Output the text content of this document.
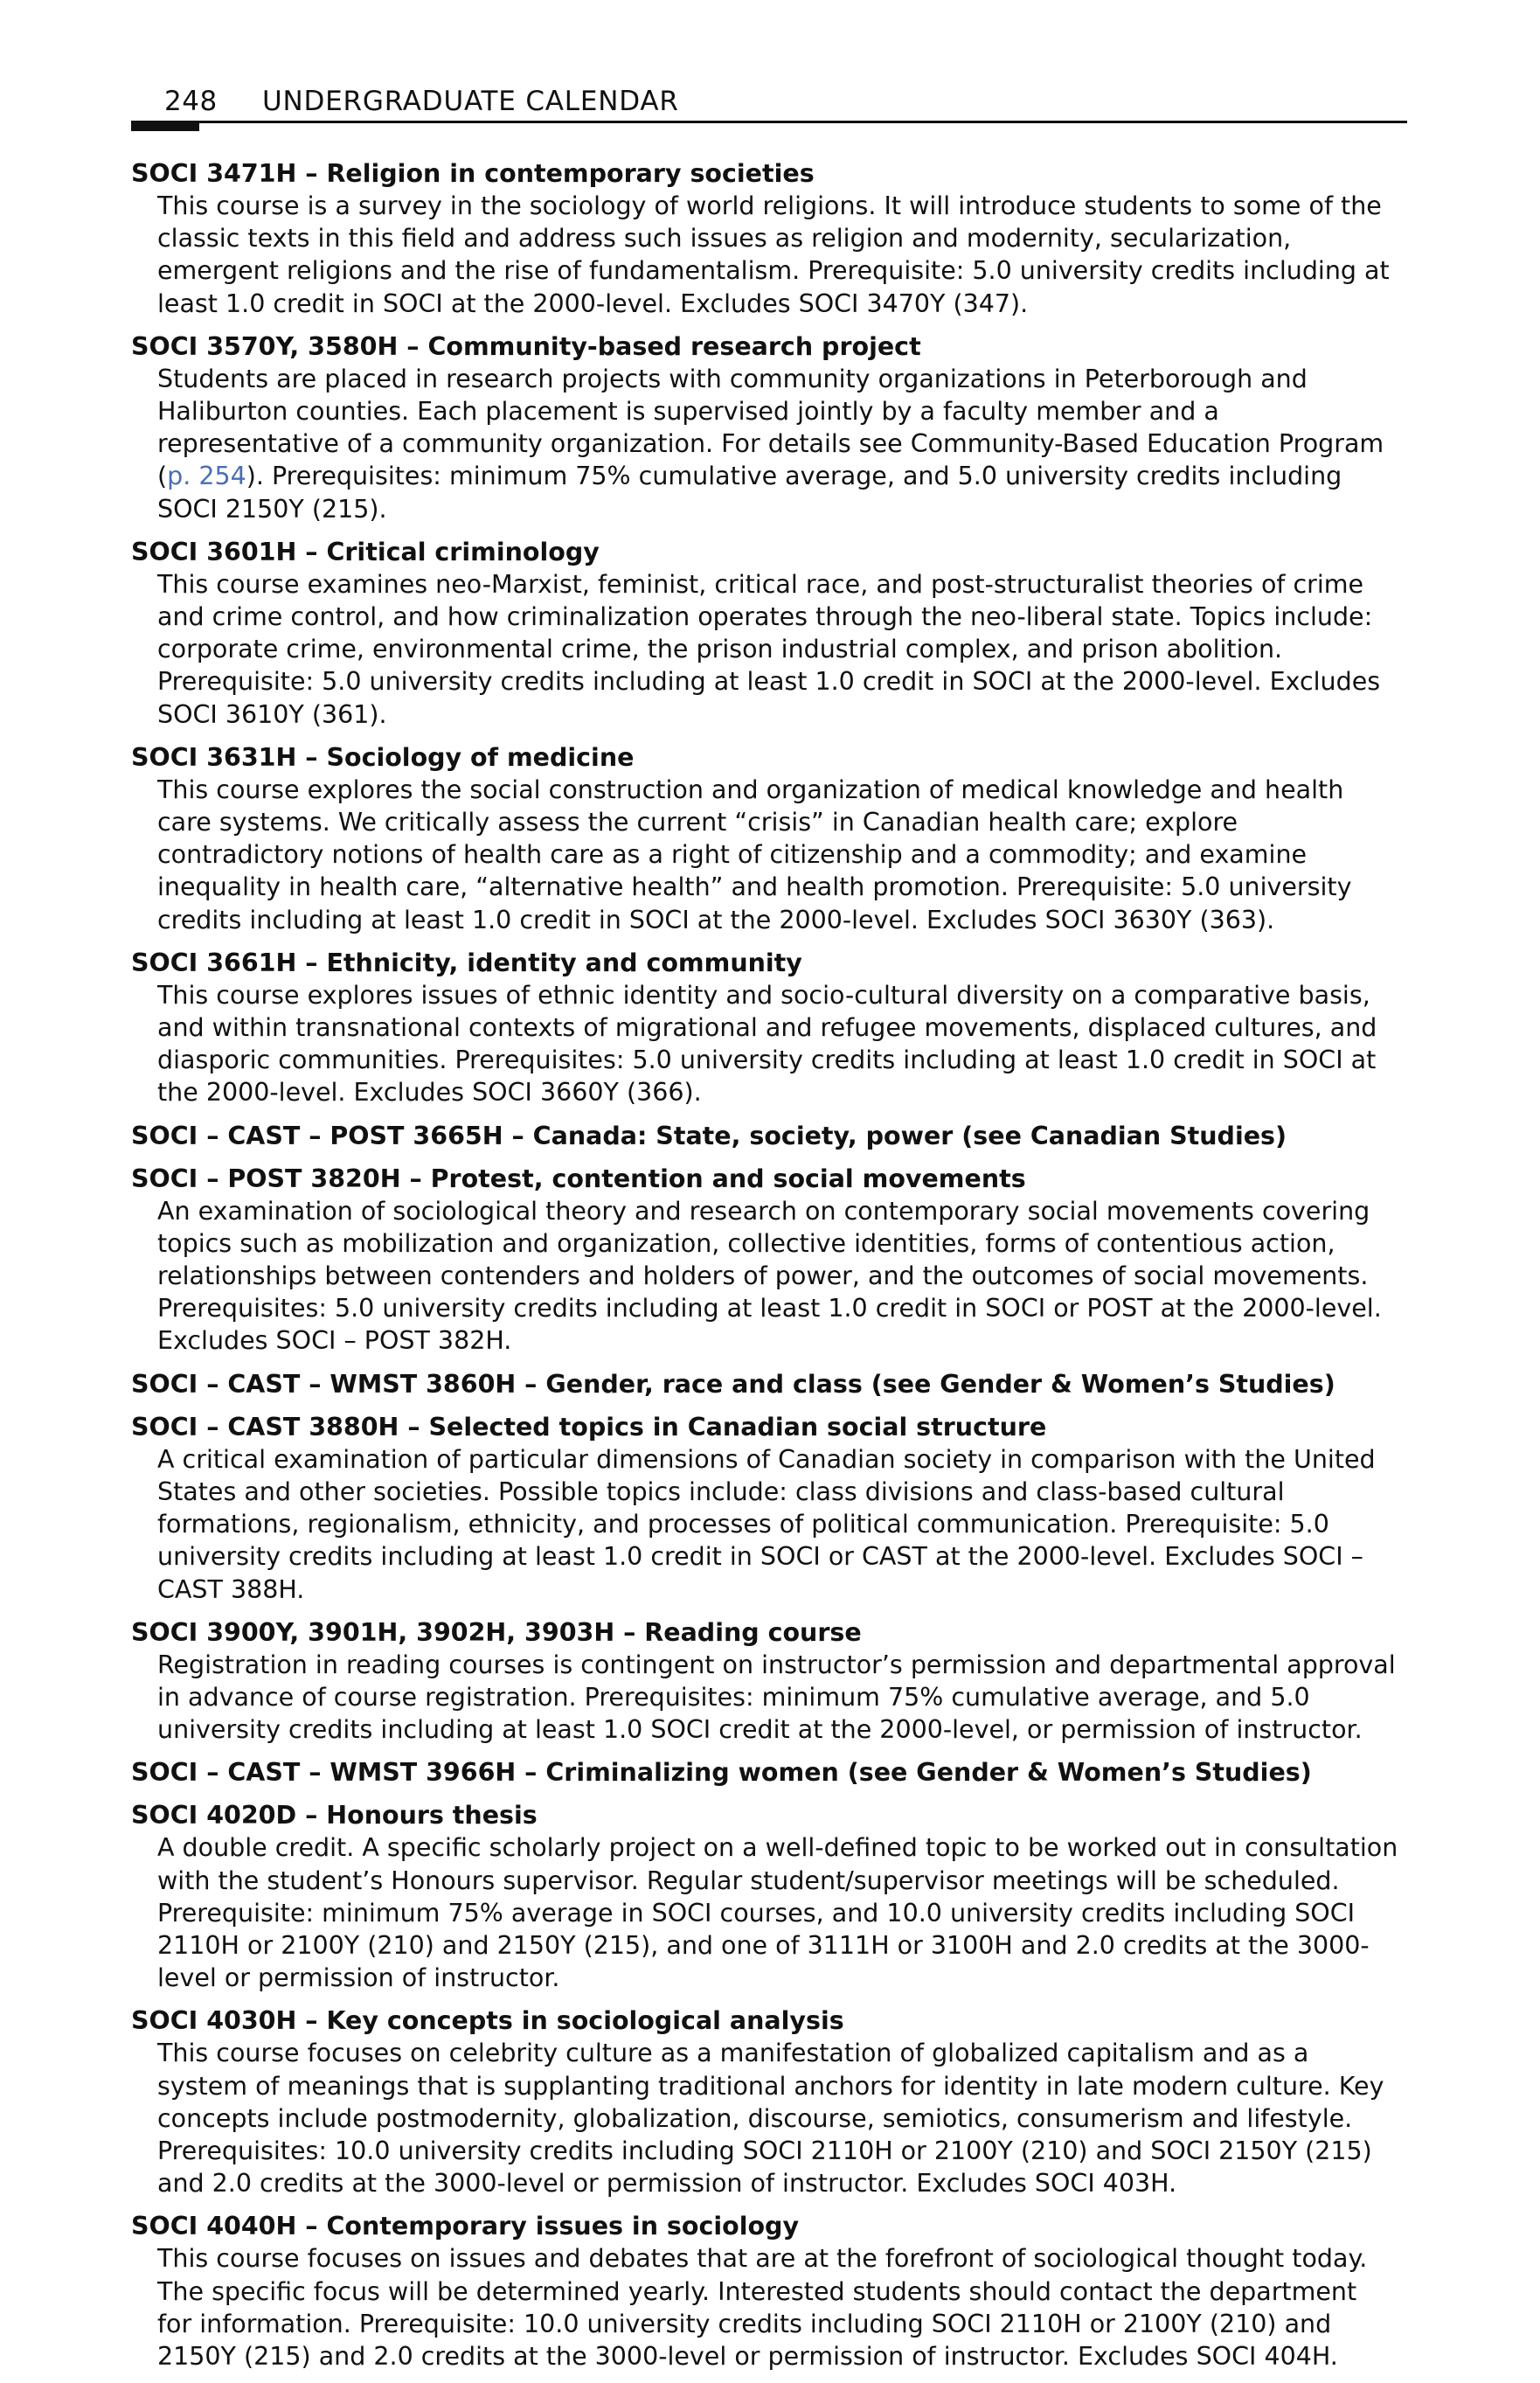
248 UNDERGRADUATE CALENDAR

SOCI 3471H – Religion in contemporary societies

This course is a survey in the sociology of world religions. It will introduce students to some of the classic texts in this field and address such issues as religion and modernity, secularization, emergent religions and the rise of fundamentalism. Prerequisite: 5.0 university credits including at least 1.0 credit in SOCI at the 2000-level. Excludes SOCI 3470Y (347).

SOCI 3570Y, 3580H – Community-based research project

Students are placed in research projects with community organizations in Peterborough and Haliburton counties. Each placement is supervised jointly by a faculty member and a representative of a community organization. For details see Community-Based Education Program (p. 254). Prerequisites: minimum 75% cumulative average, and 5.0 university credits including SOCI 2150Y (215).

SOCI 3601H – Critical criminology

This course examines neo-Marxist, feminist, critical race, and post-structuralist theories of crime and crime control, and how criminalization operates through the neo-liberal state. Topics include: corporate crime, environmental crime, the prison industrial complex, and prison abolition. Prerequisite: 5.0 university credits including at least 1.0 credit in SOCI at the 2000-level. Excludes SOCI 3610Y (361).

SOCI 3631H – Sociology of medicine

This course explores the social construction and organization of medical knowledge and health care systems. We critically assess the current “crisis” in Canadian health care; explore contradictory notions of health care as a right of citizenship and a commodity; and examine inequality in health care, “alternative health” and health promotion. Prerequisite: 5.0 university credits including at least 1.0 credit in SOCI at the 2000-level. Excludes SOCI 3630Y (363).

SOCI 3661H – Ethnicity, identity and community

This course explores issues of ethnic identity and socio-cultural diversity on a comparative basis, and within transnational contexts of migrational and refugee movements, displaced cultures, and diasporic communities. Prerequisites: 5.0 university credits including at least 1.0 credit in SOCI at the 2000-level. Excludes SOCI 3660Y (366).

SOCI – CAST – POST 3665H – Canada: State, society, power (see Canadian Studies)

SOCI – POST 3820H – Protest, contention and social movements

An examination of sociological theory and research on contemporary social movements covering topics such as mobilization and organization, collective identities, forms of contentious action, relationships between contenders and holders of power, and the outcomes of social movements. Prerequisites: 5.0 university credits including at least 1.0 credit in SOCI or POST at the 2000-level. Excludes SOCI – POST 382H.

SOCI – CAST – WMST 3860H – Gender, race and class (see Gender & Women’s Studies)

SOCI – CAST 3880H – Selected topics in Canadian social structure

A critical examination of particular dimensions of Canadian society in comparison with the United States and other societies. Possible topics include: class divisions and class-based cultural formations, regionalism, ethnicity, and processes of political communication. Prerequisite: 5.0 university credits including at least 1.0 credit in SOCI or CAST at the 2000-level. Excludes SOCI – CAST 388H.

SOCI 3900Y, 3901H, 3902H, 3903H – Reading course

Registration in reading courses is contingent on instructor’s permission and departmental approval in advance of course registration. Prerequisites: minimum 75% cumulative average, and 5.0 university credits including at least 1.0 SOCI credit at the 2000-level, or permission of instructor.

SOCI – CAST – WMST 3966H – Criminalizing women (see Gender & Women’s Studies)

SOCI 4020D – Honours thesis

A double credit. A specific scholarly project on a well-defined topic to be worked out in consultation with the student’s Honours supervisor. Regular student/supervisor meetings will be scheduled. Prerequisite: minimum 75% average in SOCI courses, and 10.0 university credits including SOCI 2110H or 2100Y (210) and 2150Y (215), and one of 3111H or 3100H and 2.0 credits at the 3000-level or permission of instructor.

SOCI 4030H – Key concepts in sociological analysis

This course focuses on celebrity culture as a manifestation of globalized capitalism and as a system of meanings that is supplanting traditional anchors for identity in late modern culture. Key concepts include postmodernity, globalization, discourse, semiotics, consumerism and lifestyle. Prerequisites: 10.0 university credits including SOCI 2110H or 2100Y (210) and SOCI 2150Y (215) and 2.0 credits at the 3000-level or permission of instructor. Excludes SOCI 403H.

SOCI 4040H – Contemporary issues in sociology

This course focuses on issues and debates that are at the forefront of sociological thought today. The specific focus will be determined yearly. Interested students should contact the department for information. Prerequisite: 10.0 university credits including SOCI 2110H or 2100Y (210) and 2150Y (215) and 2.0 credits at the 3000-level or permission of instructor. Excludes SOCI 404H.
